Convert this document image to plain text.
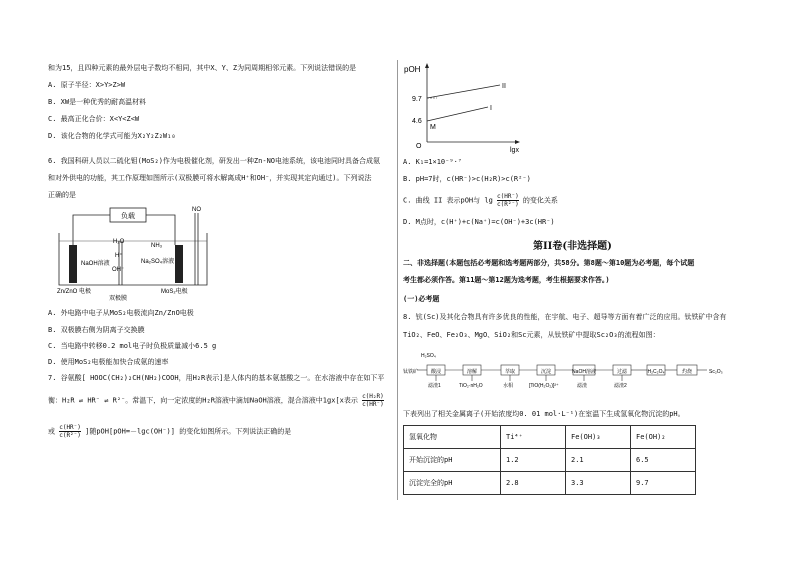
和为15，且四种元素的最外层电子数均不相同，其中X、Y、Z为同周期相邻元素。下列说法错误的是
A. 原子半径：X>Y>Z>W
B. XW是一种优秀的耐高温材料
C. 最高正化合价：X<Y<Z<W
D. 该化合物的化学式可能为X₂Y₂Z₂W₁₀
6. 我国科研人员以二硫化钼(MoS₂)作为电极催化剂，研发出一种Zn-NO电池系统，该电池同时具备合成氨
和对外供电的功能，其工作原理如图所示(双极膜可将水解离成H⁺和OH⁻，并实现其定向通过)。下列说法
正确的是
负载
NO
NaOH溶液
H₂O
H⁺
OH⁻
NH₃
Na₂SO₄溶液
Zn/ZnO 电极	MoS₂电极
双极膜
A. 外电路中电子从MoS₂电极流向Zn/ZnO电极
B. 双极膜右侧为阴离子交换膜
C. 当电路中转移0.2 mol电子时负极质量减小6.5 g
D. 使用MoS₂电极能加快合成氨的速率
7. 谷氨酸[ HOOC(CH₂)₂CH(NH₂)COOH，用H₂R表示]是人体内的基本氨基酸之一。在水溶液中存在如下平
衡：H₂R ⇌ HR⁻ ⇌ R²⁻。常温下，向一定浓度的H₂R溶液中滴加NaOH溶液，混合溶液中1gx[x表示 $\frac{\text{c(H₂R)}}{c(HR^-)}$
或 $\frac{c(HR^-)}{\text{c(R²⁻)}}$ ]随pOH[pOH=－lgc(OH⁻)] 的变化如图所示。下列说法正确的是
pOH
lgx
9.7
4.6
O
M
II
I
A. K₁=1×10⁻⁹·⁷
B. pH=7时，c(HR⁻)>c(H₂R)>c(R²⁻)
C. 曲线 II 表示pOH与 $\lg \frac{c(HR^-)}{\text{c(R²⁻)}}$ 的变化关系
D. M点时，c(H⁺)+c(Na⁺)=c(OH⁻)+3c(HR⁻)
第II卷(非选择题)
二、非选择题(本题包括必考题和选考题两部分，共58分。第8题～第10题为必考题，每个试题
考生都必须作答。第11题～第12题为选考题，考生根据要求作答。)
(一)必考题
8. 钪(Sc)及其化合物具有许多优良的性能，在宇航、电子、超导等方面有着广泛的应用。钛铁矿中含有
TiO₂、FeO、Fe₂O₃、MgO、SiO₂和Sc元素，从钛铁矿中提取Sc₂O₃的流程如图：
钛铁矿
H₂SO₄
酸浸	溶解	萃取	沉淀	NaOH溶液	过滤	H₂C₂O₄	灼烧	Sc₂O₃
滤渣1	TiO₂·nH₂O	水相	[TiO(H₂O₂)]²⁺	滤渣	滤渣2
下表列出了相关金属离子(开始浓度均0. 01 mol·L⁻¹)在室温下生成氢氧化物沉淀的pH。
氢氧化物	Ti⁴⁺	Fe(OH)₃	Fe(OH)₂
开始沉淀的pH	1.2	2.1	6.5
沉淀完全的pH	2.8	3.3	9.7
